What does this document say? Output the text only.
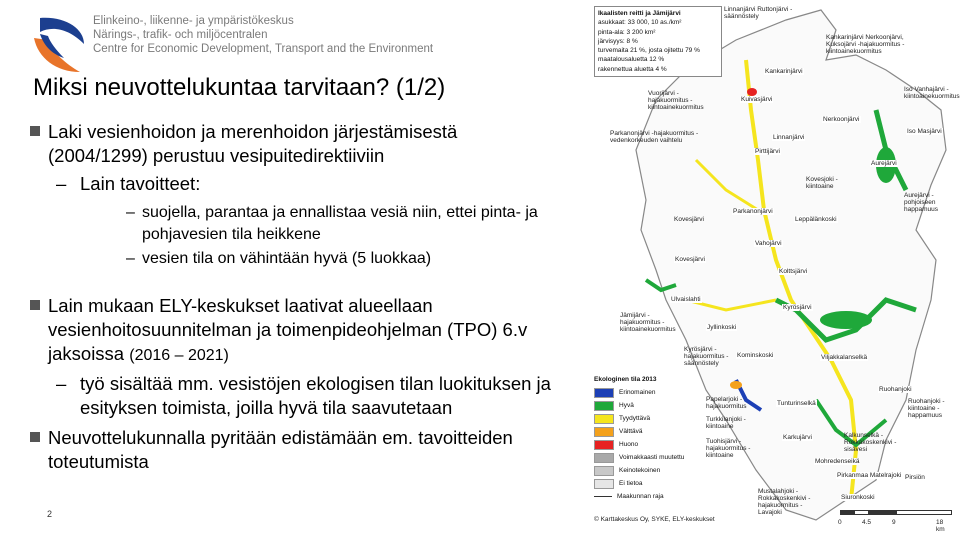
Elinkeino-, liikenne- ja ympäristökeskus
Närings-, trafik- och miljöcentralen
Centre for Economic Development, Transport and the Environment
Miksi neuvottelukuntaa tarvitaan? (1/2)
Laki vesienhoidon ja merenhoidon järjestämisestä (2004/1299) perustuu vesipuitedirektiiviin
– Lain tavoitteet:
– suojella, parantaa ja ennallistaa vesiä niin, ettei pinta- ja pohjavesien tila heikkene
– vesien tila on vähintään hyvä (5 luokkaa)
Lain mukaan ELY-keskukset laativat alueellaan vesienhoitosuunnitelman ja toimenpideohjelman (TPO) 6.v jaksoissa (2016 – 2021)
– työ sisältää mm. vesistöjen ekologisen tilan luokituksen ja esityksen toimista, joilla hyvä tila saavutetaan
Neuvottelukunnalla pyritään edistämään em. tavoitteiden toteutumista
2
Ikaalisten reitti ja Jämijärvi
asukkaat: 33 000, 10 as./km²
pinta-ala: 3 200 km²
järvisyys: 8 %
turvemaita 21 %, josta ojitettu 79 %
maatalousaluetta 12 %
rakennettua aluetta 4 %
Linnanjärvi Ruttonjärvi -säännöstely
Kankarinjärvi Nerkoonjärvi, Kuksojärvi -hajakuormitus -kiintoainekuormitus
Kankarinjärvi
Iso Vanhajärvi -kiintoainekuormitus
Vuorijärvi -hajakuormitus -kiintoainekuormitus
Kuivasjärvi
Nerkoonjärvi
Iso Masjärvi
Parkanonjärvi -hajakuormitus -vedenkorkeuden vaihtelu	Linnanjärvi
Pirttijärvi
Kovesjoki -kiintoaine
Aurejärvi
Aurejärvi -pohjoiseen happamuus
Kovesjärvi
Parkanonjärvi
Leppälänkoski
Vahojärvi
Kovesjärvi
Kolttsjärvi
Ulvaislahti
Kyrösjärvi
Jämijärvi -hajakuormitus -kiintoainekuormitus	Jyllinkoski
Kyrösjärvi -hajakuormitus -säännöstely
Kominskoski	Viljakkalanselkä
Papelarjoki -hajakuormitus
Turkkilanjoki -kiintoaine
Tunturinselkä
Ruohanjoki
Ruohanjoki -kiintoaine -happamuus
Tuohisjärvi -hajakuormitus -kiintoaine
Karkujärvi	Kalkunselkä -Rokkakoskenkivi -sisävesi
Mohredenseikä
Pirkanmaa Matelrajoki Pirsiön
Mustalahjoki -Rokkakoskenkivi -hajakuormitus -Lavajoki
Siuronkoski
Ekologinen tila 2013
Erinomainen
Hyvä
Tyydyttävä
Välttävä
Huono
Voimakkaasti muutettu
Keinotekoinen
Ei tietoa
Maakunnan raja
0	4.5	9	18 km
© Karttakeskus Oy, SYKE, ELY-keskukset
